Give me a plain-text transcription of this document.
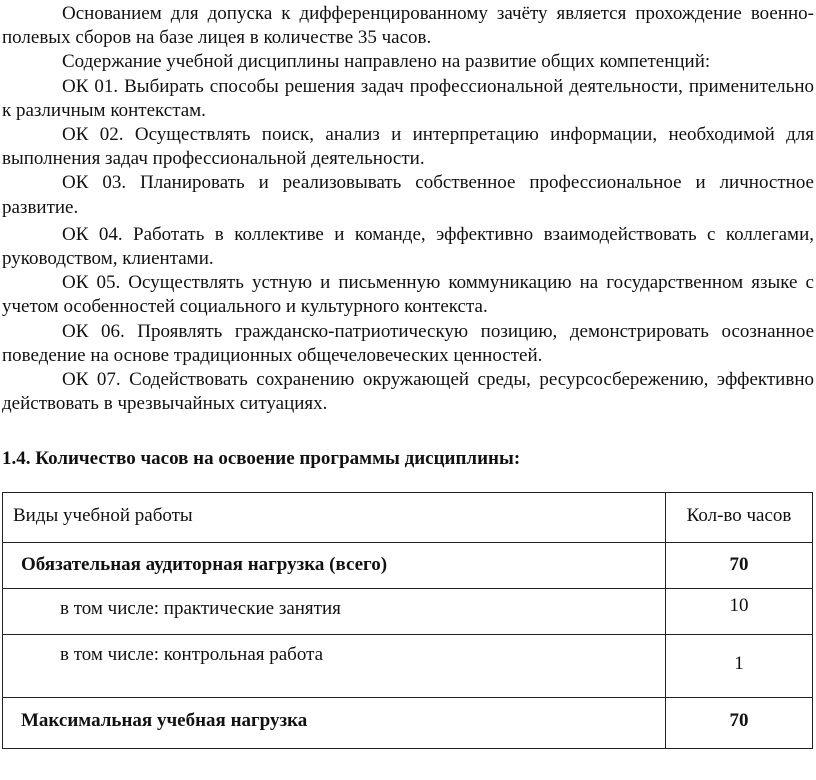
Основанием для допуска к дифференцированному зачёту является прохождение военно- полевых сборов на базе лицея в количестве 35 часов.

Содержание учебной дисциплины направлено на развитие общих компетенций:

ОК 01. Выбирать способы решения задач профессиональной деятельности, применительно к различным контекстам.

ОК 02. Осуществлять поиск, анализ и интерпретацию информации, необходимой для выполнения задач профессиональной деятельности.

ОК 03. Планировать и реализовывать собственное профессиональное и личностное развитие.

ОК 04. Работать в коллективе и команде, эффективно взаимодействовать с коллегами, руководством, клиентами.

ОК 05. Осуществлять устную и письменную коммуникацию на государственном языке с учетом особенностей социального и культурного контекста.

ОК 06. Проявлять гражданско-патриотическую позицию, демонстрировать осознанное поведение на основе традиционных общечеловеческих ценностей.

ОК 07. Содействовать сохранению окружающей среды, ресурсосбережению, эффективно действовать в чрезвычайных ситуациях.

1.4. Количество часов на освоение программы дисциплины:

Виды учебной работы	Кол-во часов

Обязательная аудиторная нагрузка (всего)	70

в том числе: практические занятия	10

в том числе: контрольная работа	1

Максимальная учебная нагрузка	70
